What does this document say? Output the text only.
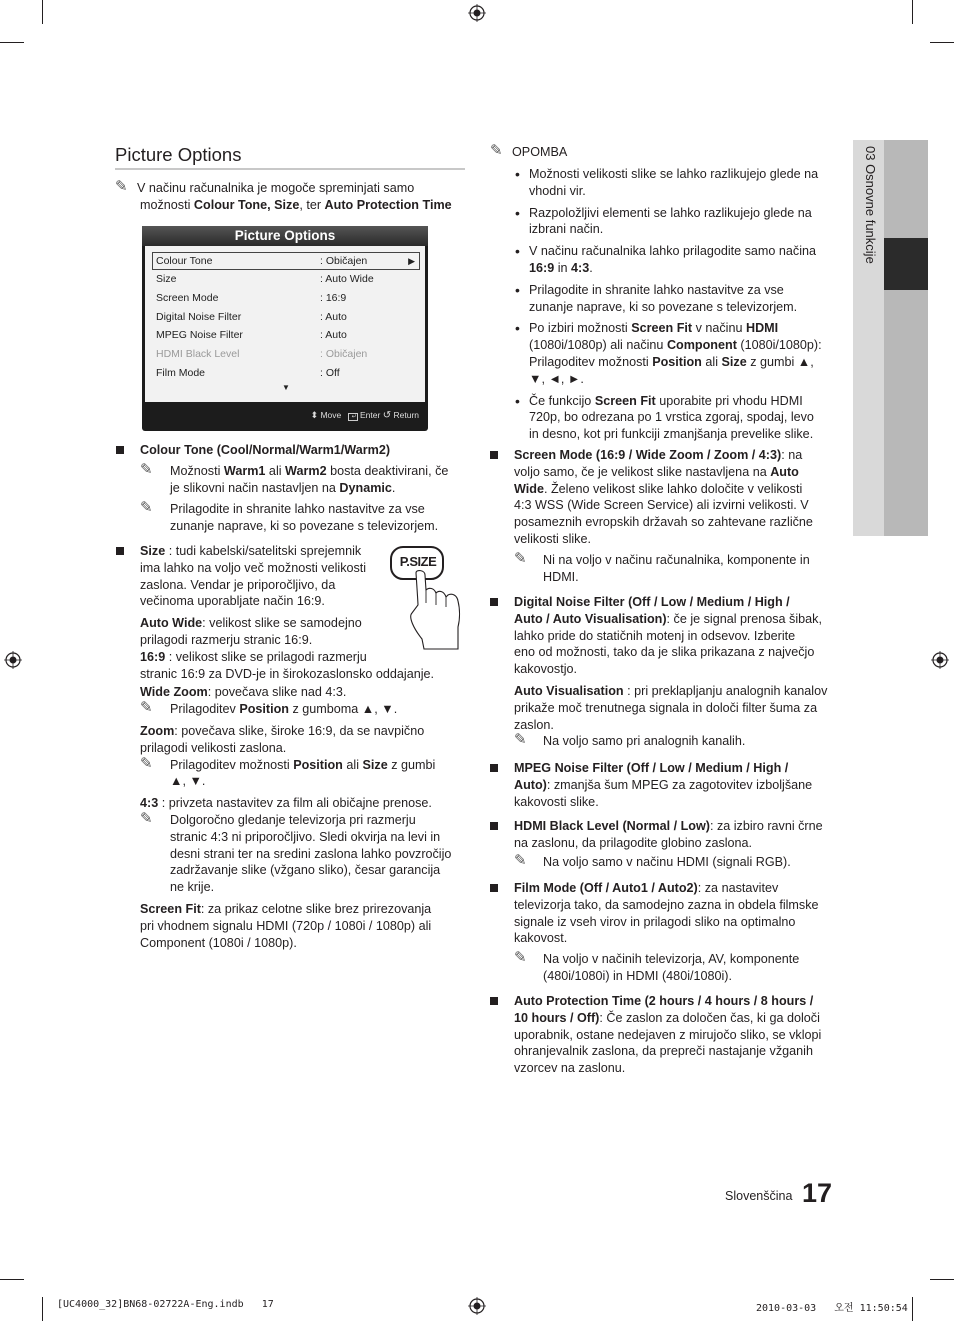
03 Osnovne funkcije
Picture Options
✎ V načinu računalnika je mogoče spreminjati samo
možnosti Colour Tone, Size, ter Auto Protection Time
Picture Options
Colour Tone	: Običajen	▶
Size	: Auto Wide
Screen Mode	: 16:9
Digital Noise Filter	: Auto
MPEG Noise Filter	: Auto
HDMI Black Level	: Običajen
Film Mode	: Off
▼
⬍ Move ↵ Enter ↺ Return
Colour Tone (Cool/Normal/Warm1/Warm2)
✎ Možnosti Warm1 ali Warm2 bosta deaktivirani, če
je slikovni način nastavljen na Dynamic.
✎ Prilagodite in shranite lahko nastavitve za vse
zunanje naprave, ki so povezane s televizorjem.
Size : tudi kabelski/satelitski sprejemnik
ima lahko na voljo več možnosti velikosti
zaslona. Vendar je priporočljivo, da
večinoma uporabljate način 16:9.
Auto Wide: velikost slike se samodejno
prilagodi razmerju stranic 16:9.
16:9 : velikost slike se prilagodi razmerju
stranic 16:9 za DVD-je in širokozaslonsko oddajanje.
Wide Zoom: povečava slike nad 4:3.
✎ Prilagoditev Position z gumboma ▲, ▼.
Zoom: povečava slike, široke 16:9, da se navpično
prilagodi velikosti zaslona.
✎ Prilagoditev možnosti Position ali Size z gumbi
▲, ▼.
4:3 : privzeta nastavitev za film ali običajne prenose.
✎ Dolgoročno gledanje televizorja pri razmerju
stranic 4:3 ni priporočljivo. Sledi okvirja na levi in
desni strani ter na sredini zaslona lahko povzročijo
zadržavanje slike (vžgano sliko), česar garancija
ne krije.
Screen Fit: za prikaz celotne slike brez prirezovanja
pri vhodnem signalu HDMI (720p / 1080i / 1080p) ali
Component (1080i / 1080p).
P.SIZE
✎ OPOMBA
• Možnosti velikosti slike se lahko razlikujejo glede na
vhodni vir.
• Razpoložljivi elementi se lahko razlikujejo glede na
izbrani način.
• V načinu računalnika lahko prilagodite samo načina
16:9 in 4:3.
• Prilagodite in shranite lahko nastavitve za vse
zunanje naprave, ki so povezane s televizorjem.
• Po izbiri možnosti Screen Fit v načinu HDMI
(1080i/1080p) ali načinu Component (1080i/1080p):
Prilagoditev možnosti Position ali Size z gumbi ▲,
▼, ◄, ►.
• Če funkcijo Screen Fit uporabite pri vhodu HDMI
720p, bo odrezana po 1 vrstica zgoraj, spodaj, levo
in desno, kot pri funkciji zmanjšanja prevelike slike.
Screen Mode (16:9 / Wide Zoom / Zoom / 4:3): na
voljo samo, če je velikost slike nastavljena na Auto
Wide. Želeno velikost slike lahko določite v velikosti
4:3 WSS (Wide Screen Service) ali izvirni velikosti. V
posameznih evropskih državah so zahtevane različne
velikosti slike.
✎ Ni na voljo v načinu računalnika, komponente in
HDMI.
Digital Noise Filter (Off / Low / Medium / High /
Auto / Auto Visualisation): če je signal prenosa šibak,
lahko pride do statičnih motenj in odsevov. Izberite
eno od možnosti, tako da je slika prikazana z največjo
kakovostjo.
Auto Visualisation : pri preklapljanju analognih kanalov
prikaže moč trenutnega signala in določi filter šuma za
zaslon.
✎ Na voljo samo pri analognih kanalih.
MPEG Noise Filter (Off / Low / Medium / High /
Auto): zmanjša šum MPEG za zagotovitev izboljšane
kakovosti slike.
HDMI Black Level (Normal / Low): za izbiro ravni črne
na zaslonu, da prilagodite globino zaslona.
✎ Na voljo samo v načinu HDMI (signali RGB).
Film Mode (Off / Auto1 / Auto2): za nastavitev
televizorja tako, da samodejno zazna in obdela filmske
signale iz vseh virov in prilagodi sliko na optimalno
kakovost.
✎ Na voljo v načinih televizorja, AV, komponente
(480i/1080i) in HDMI (480i/1080i).
Auto Protection Time (2 hours / 4 hours / 8 hours /
10 hours / Off): Če zaslon za določen čas, ki ga določi
uporabnik, ostane nedejaven z mirujočo sliko, se vklopi
ohranjevalnik zaslona, da prepreči nastajanje vžganih
vzorcev na zaslonu.
Slovenščina 17
[UC4000_32]BN68-02722A-Eng.indb   17	2010-03-03   오전 11:50:54
